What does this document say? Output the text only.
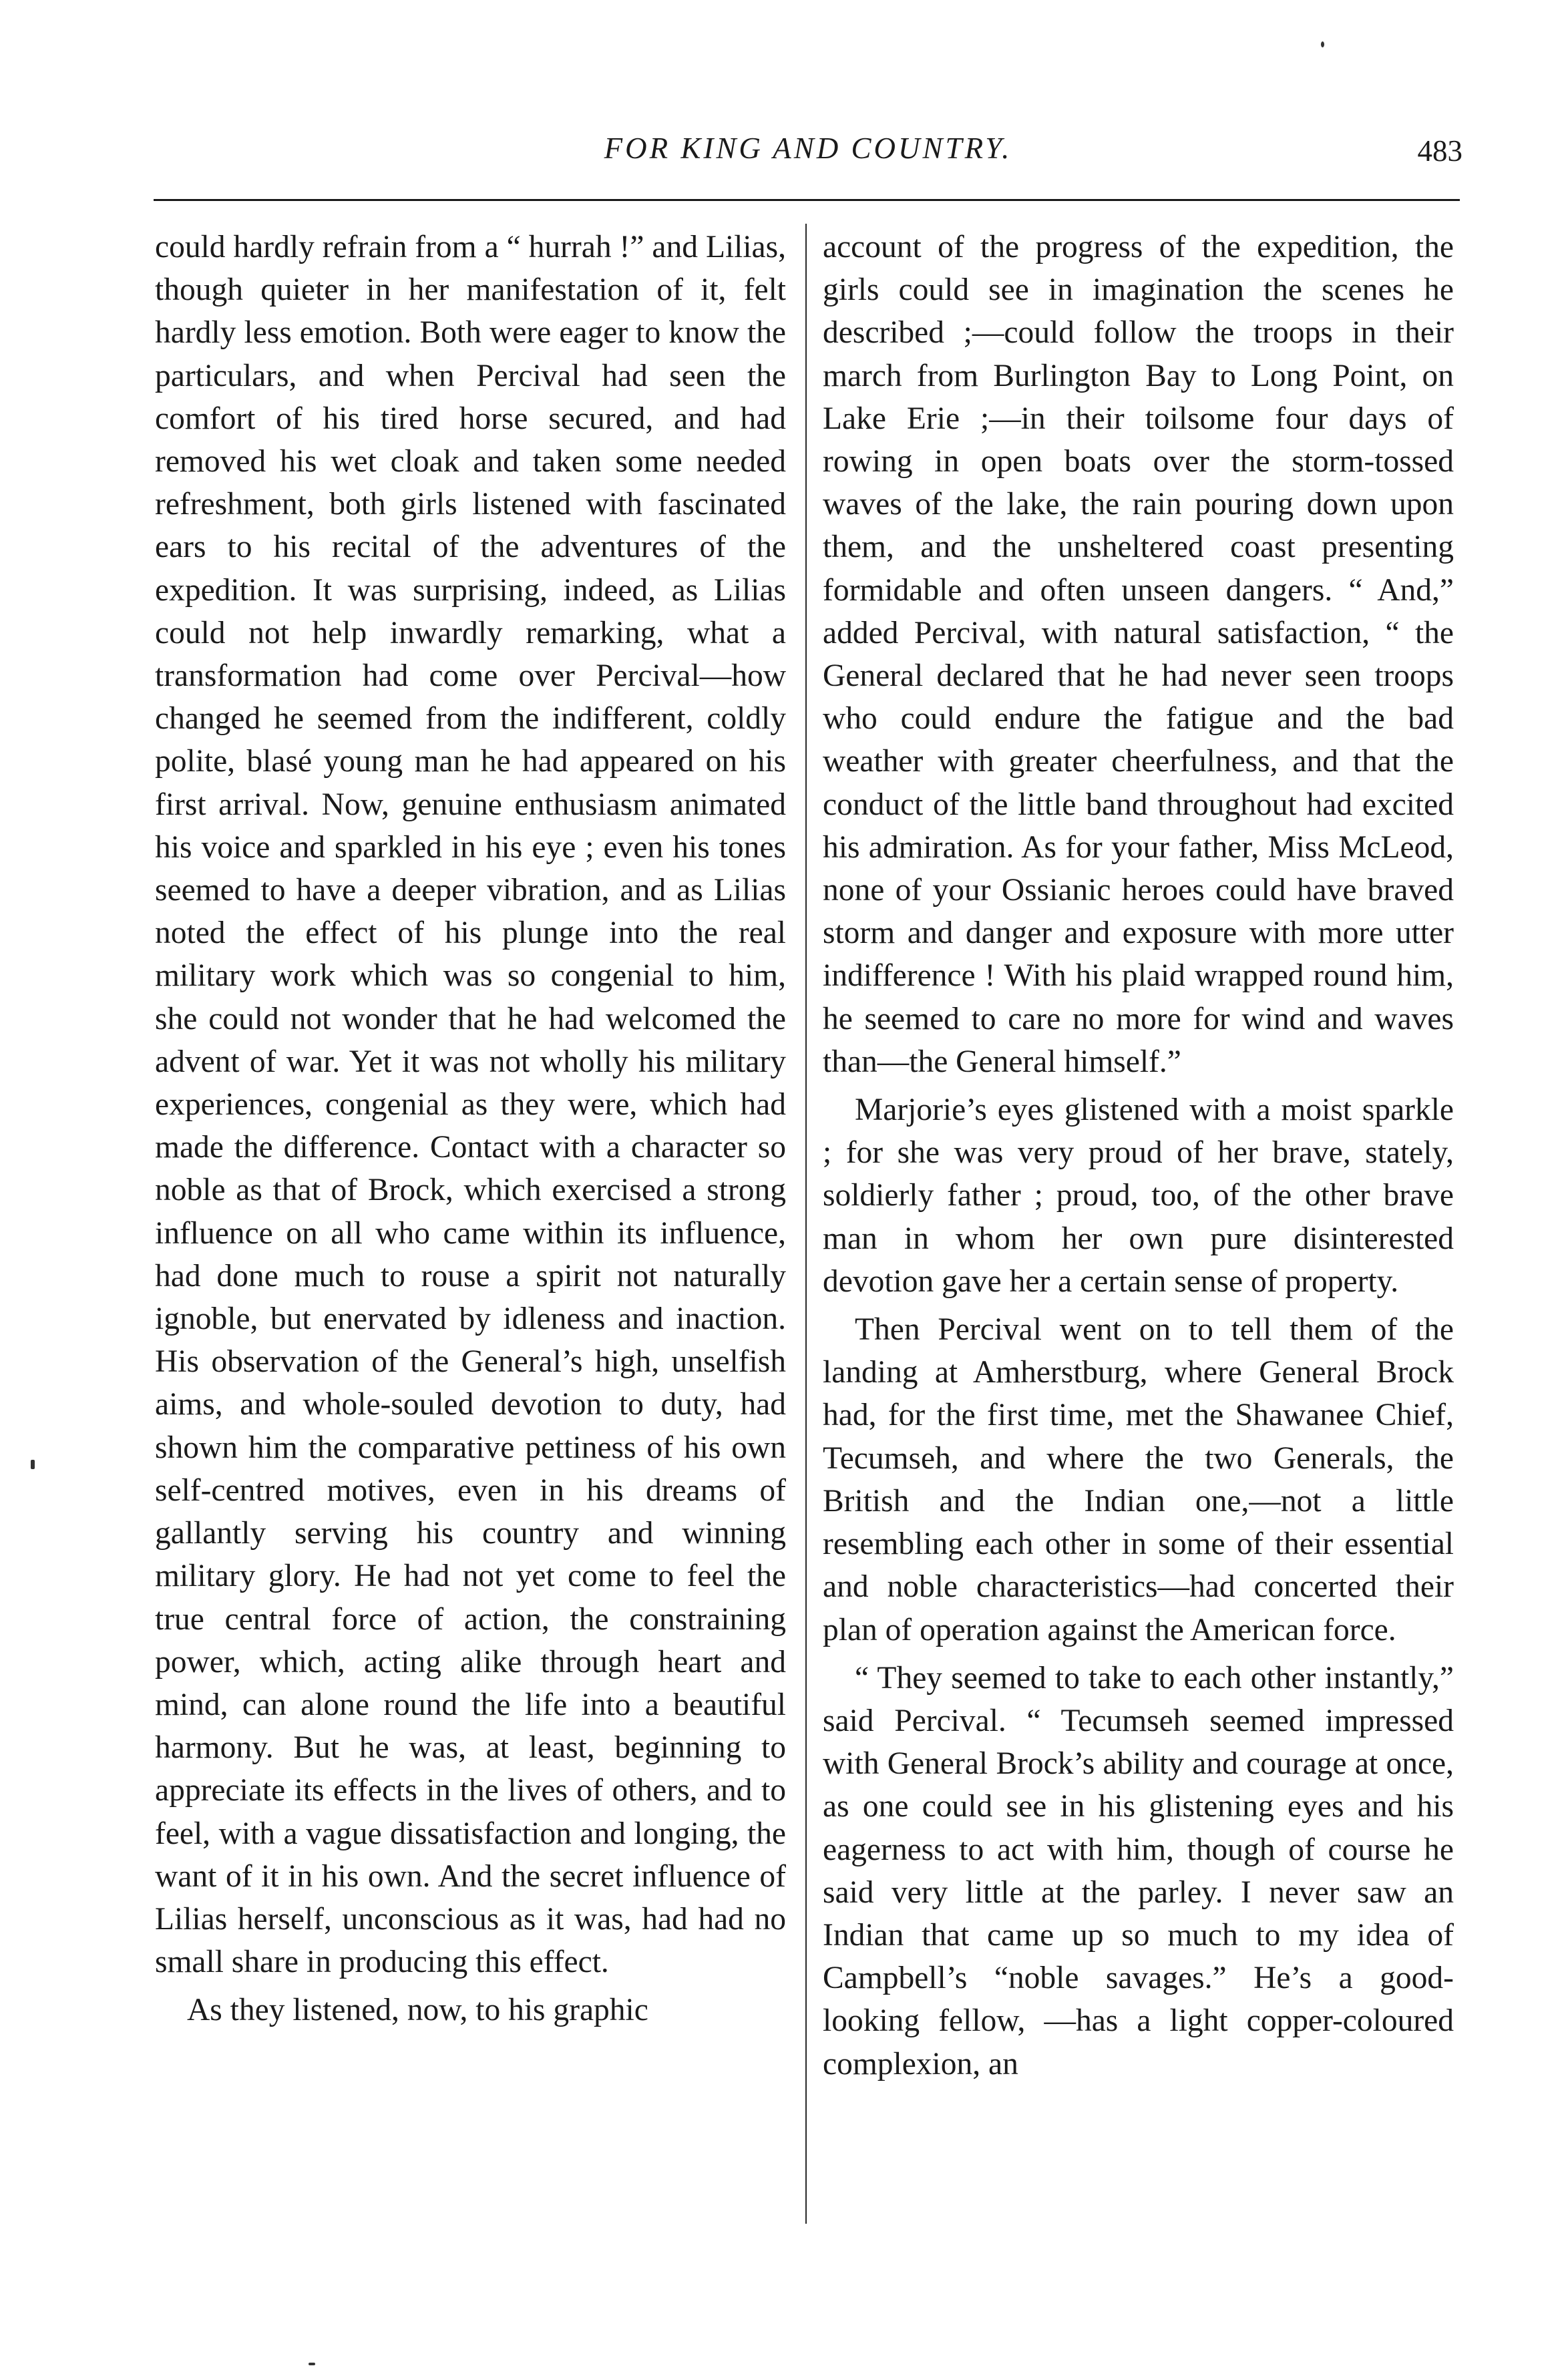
FOR KING AND COUNTRY.	483

could hardly refrain from a “ hurrah !” and Lilias, though quieter in her manifestation of it, felt hardly less emotion. Both were eager to know the particulars, and when Percival had seen the comfort of his tired horse secured, and had removed his wet cloak and taken some needed refreshment, both girls listened with fascinated ears to his recital of the adventures of the expedition. It was surprising, indeed, as Lilias could not help inwardly remarking, what a transformation had come over Percival—how changed he seemed from the indifferent, coldly polite, blasé young man he had appeared on his first arrival. Now, genuine enthusiasm animated his voice and sparkled in his eye ; even his tones seemed to have a deeper vibration, and as Lilias noted the effect of his plunge into the real military work which was so congenial to him, she could not wonder that he had welcomed the advent of war. Yet it was not wholly his military experiences, congenial as they were, which had made the difference. Contact with a character so noble as that of Brock, which exercised a strong influence on all who came within its influence, had done much to rouse a spirit not naturally ignoble, but enervated by idleness and inaction. His observation of the General’s high, unselfish aims, and whole-souled devotion to duty, had shown him the comparative pettiness of his own self-centred motives, even in his dreams of gallantly serving his country and winning military glory. He had not yet come to feel the true central force of action, the constraining power, which, acting alike through heart and mind, can alone round the life into a beautiful harmony. But he was, at least, beginning to appreciate its effects in the lives of others, and to feel, with a vague dissatisfaction and longing, the want of it in his own. And the secret influence of Lilias herself, unconscious as it was, had had no small share in producing this effect.

As they listened, now, to his graphic

account of the progress of the expedition, the girls could see in imagination the scenes he described ;—could follow the troops in their march from Burlington Bay to Long Point, on Lake Erie ;—in their toilsome four days of rowing in open boats over the storm-tossed waves of the lake, the rain pouring down upon them, and the unsheltered coast presenting formidable and often unseen dangers. “ And,” added Percival, with natural satisfaction, “ the General declared that he had never seen troops who could endure the fatigue and the bad weather with greater cheerfulness, and that the conduct of the little band throughout had excited his admiration. As for your father, Miss McLeod, none of your Ossianic heroes could have braved storm and danger and exposure with more utter indifference ! With his plaid wrapped round him, he seemed to care no more for wind and waves than—the General himself.”

Marjorie’s eyes glistened with a moist sparkle ; for she was very proud of her brave, stately, soldierly father ; proud, too, of the other brave man in whom her own pure disinterested devotion gave her a certain sense of property.

Then Percival went on to tell them of the landing at Amherstburg, where General Brock had, for the first time, met the Shawanee Chief, Tecumseh, and where the two Generals, the British and the Indian one,—not a little resembling each other in some of their essential and noble characteristics—had concerted their plan of operation against the American force.

“ They seemed to take to each other instantly,” said Percival. “ Tecumseh seemed impressed with General Brock’s ability and courage at once, as one could see in his glistening eyes and his eagerness to act with him, though of course he said very little at the parley. I never saw an Indian that came up so much to my idea of Campbell’s “noble savages.” He’s a good-looking fellow, —has a light copper-coloured complexion, an
